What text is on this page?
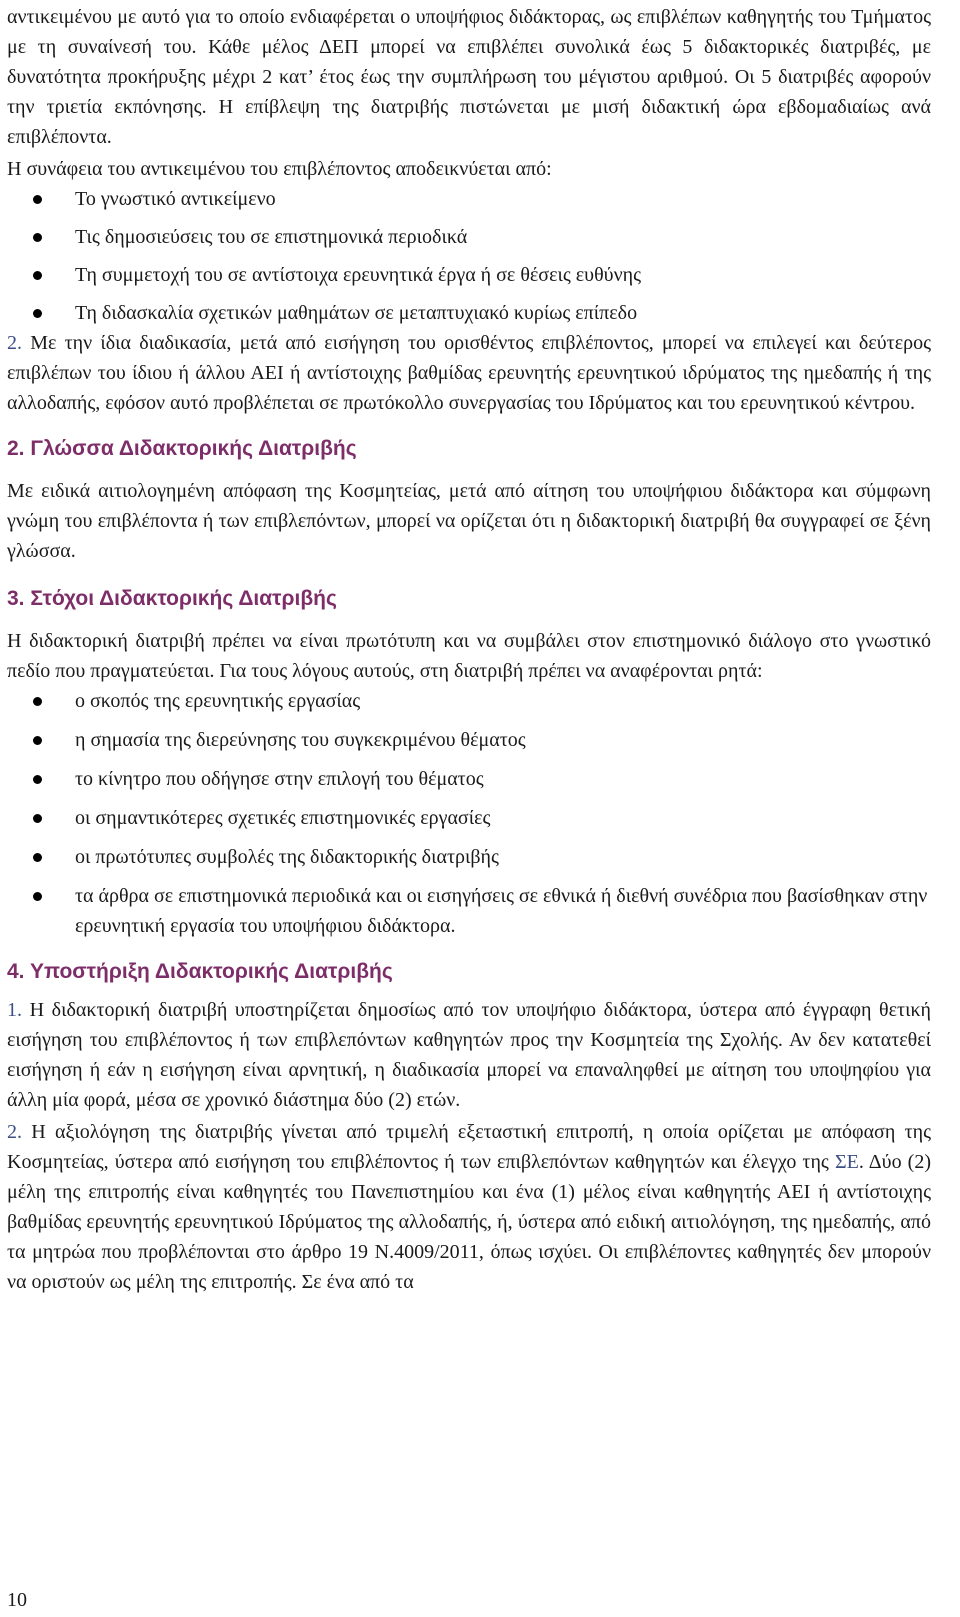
αντικειμένου με αυτό για το οποίο ενδιαφέρεται ο υποψήφιος διδάκτορας, ως επιβλέπων καθηγητής του Τμήματος με τη συναίνεσή του. Κάθε μέλος ΔΕΠ μπορεί να επιβλέπει συνολικά έως 5 διδακτορικές διατριβές, με δυνατότητα προκήρυξης μέχρι 2 κατ’ έτος έως την συμπλήρωση του μέγιστου αριθμού. Οι 5 διατριβές αφορούν την τριετία εκπόνησης. Η επίβλεψη της διατριβής πιστώνεται με μισή διδακτική ώρα εβδομαδιαίως ανά επιβλέποντα.

Η συνάφεια του αντικειμένου του επιβλέποντος αποδεικνύεται από:

Το γνωστικό αντικείμενο
Τις δημοσιεύσεις του σε επιστημονικά περιοδικά
Τη συμμετοχή του σε αντίστοιχα ερευνητικά έργα ή σε θέσεις ευθύνης
Τη διδασκαλία σχετικών μαθημάτων σε μεταπτυχιακό κυρίως επίπεδο

2. Με την ίδια διαδικασία, μετά από εισήγηση του ορισθέντος επιβλέποντος, μπορεί να επιλεγεί και δεύτερος επιβλέπων του ίδιου ή άλλου ΑΕΙ ή αντίστοιχης βαθμίδας ερευνητής ερευνητικού ιδρύματος της ημεδαπής ή της αλλοδαπής, εφόσον αυτό προβλέπεται σε πρωτόκολλο συνεργασίας του Ιδρύματος και του ερευνητικού κέντρου.

2. Γλώσσα Διδακτορικής Διατριβής

Με ειδικά αιτιολογημένη απόφαση της Κοσμητείας, μετά από αίτηση του υποψήφιου διδάκτορα και σύμφωνη γνώμη του επιβλέποντα ή των επιβλεπόντων, μπορεί να ορίζεται ότι η διδακτορική διατριβή θα συγγραφεί σε ξένη γλώσσα.

3. Στόχοι Διδακτορικής Διατριβής

Η διδακτορική διατριβή πρέπει να είναι πρωτότυπη και να συμβάλει στον επιστημονικό διάλογο στο γνωστικό πεδίο που πραγματεύεται. Για τους λόγους αυτούς, στη διατριβή πρέπει να αναφέρονται ρητά:

ο σκοπός της ερευνητικής εργασίας
η σημασία της διερεύνησης του συγκεκριμένου θέματος
το κίνητρο που οδήγησε στην επιλογή του θέματος
οι σημαντικότερες σχετικές επιστημονικές εργασίες
οι πρωτότυπες συμβολές της διδακτορικής διατριβής
τα άρθρα σε επιστημονικά περιοδικά και οι εισηγήσεις σε εθνικά ή διεθνή συνέδρια που βασίσθηκαν στην ερευνητική εργασία του υποψήφιου διδάκτορα.
4. Υποστήριξη Διδακτορικής Διατριβής

1. Η διδακτορική διατριβή υποστηρίζεται δημοσίως από τον υποψήφιο διδάκτορα, ύστερα από έγγραφη θετική εισήγηση του επιβλέποντος ή των επιβλεπόντων καθηγητών προς την Κοσμητεία της Σχολής. Αν δεν κατατεθεί εισήγηση ή εάν η εισήγηση είναι αρνητική, η διαδικασία μπορεί να επαναληφθεί με αίτηση του υποψηφίου για άλλη μία φορά, μέσα σε χρονικό διάστημα δύο (2) ετών.

2. Η αξιολόγηση της διατριβής γίνεται από τριμελή εξεταστική επιτροπή, η οποία ορίζεται με απόφαση της Κοσμητείας, ύστερα από εισήγηση του επιβλέποντος ή των επιβλεπόντων καθηγητών και έλεγχο της ΣΕ. Δύο (2) μέλη της επιτροπής είναι καθηγητές του Πανεπιστημίου και ένα (1) μέλος είναι καθηγητής ΑΕΙ ή αντίστοιχης βαθμίδας ερευνητής ερευνητικού Ιδρύματος της αλλοδαπής, ή, ύστερα από ειδική αιτιολόγηση, της ημεδαπής, από τα μητρώα που προβλέπονται στο άρθρο 19 Ν.4009/2011, όπως ισχύει. Οι επιβλέποντες καθηγητές δεν μπορούν να οριστούν ως μέλη της επιτροπής. Σε ένα από τα

10
